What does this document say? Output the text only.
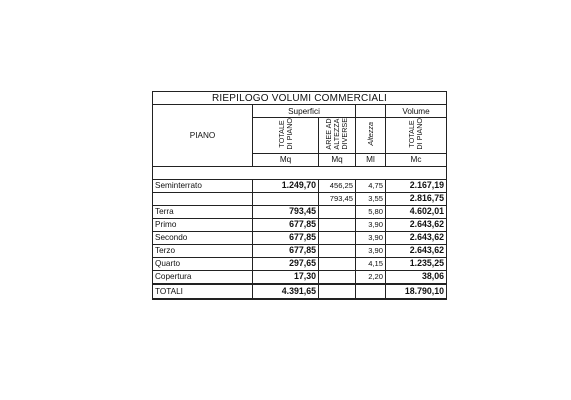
RIEPILOGO VOLUMI COMMERCIALI				
PIANO	Superfici			Volume
	TOTALE DI PIANO	AREE AD ALTEZZA DIVERSE	Altezza	TOTALE DI PIANO
	Mq	Mq	Ml	Mc

Seminterrato	1.249,70	456,25	4,75	2.167,19
		793,45	3,55	2.816,75
Terra	793,45		5,80	4.602,01
Primo	677,85		3,90	2.643,62
Secondo	677,85		3,90	2.643,62
Terzo	677,85		3,90	2.643,62
Quarto	297,65		4,15	1.235,25
Copertura	17,30		2,20	38,06
TOTALI	4.391,65			18.790,10
